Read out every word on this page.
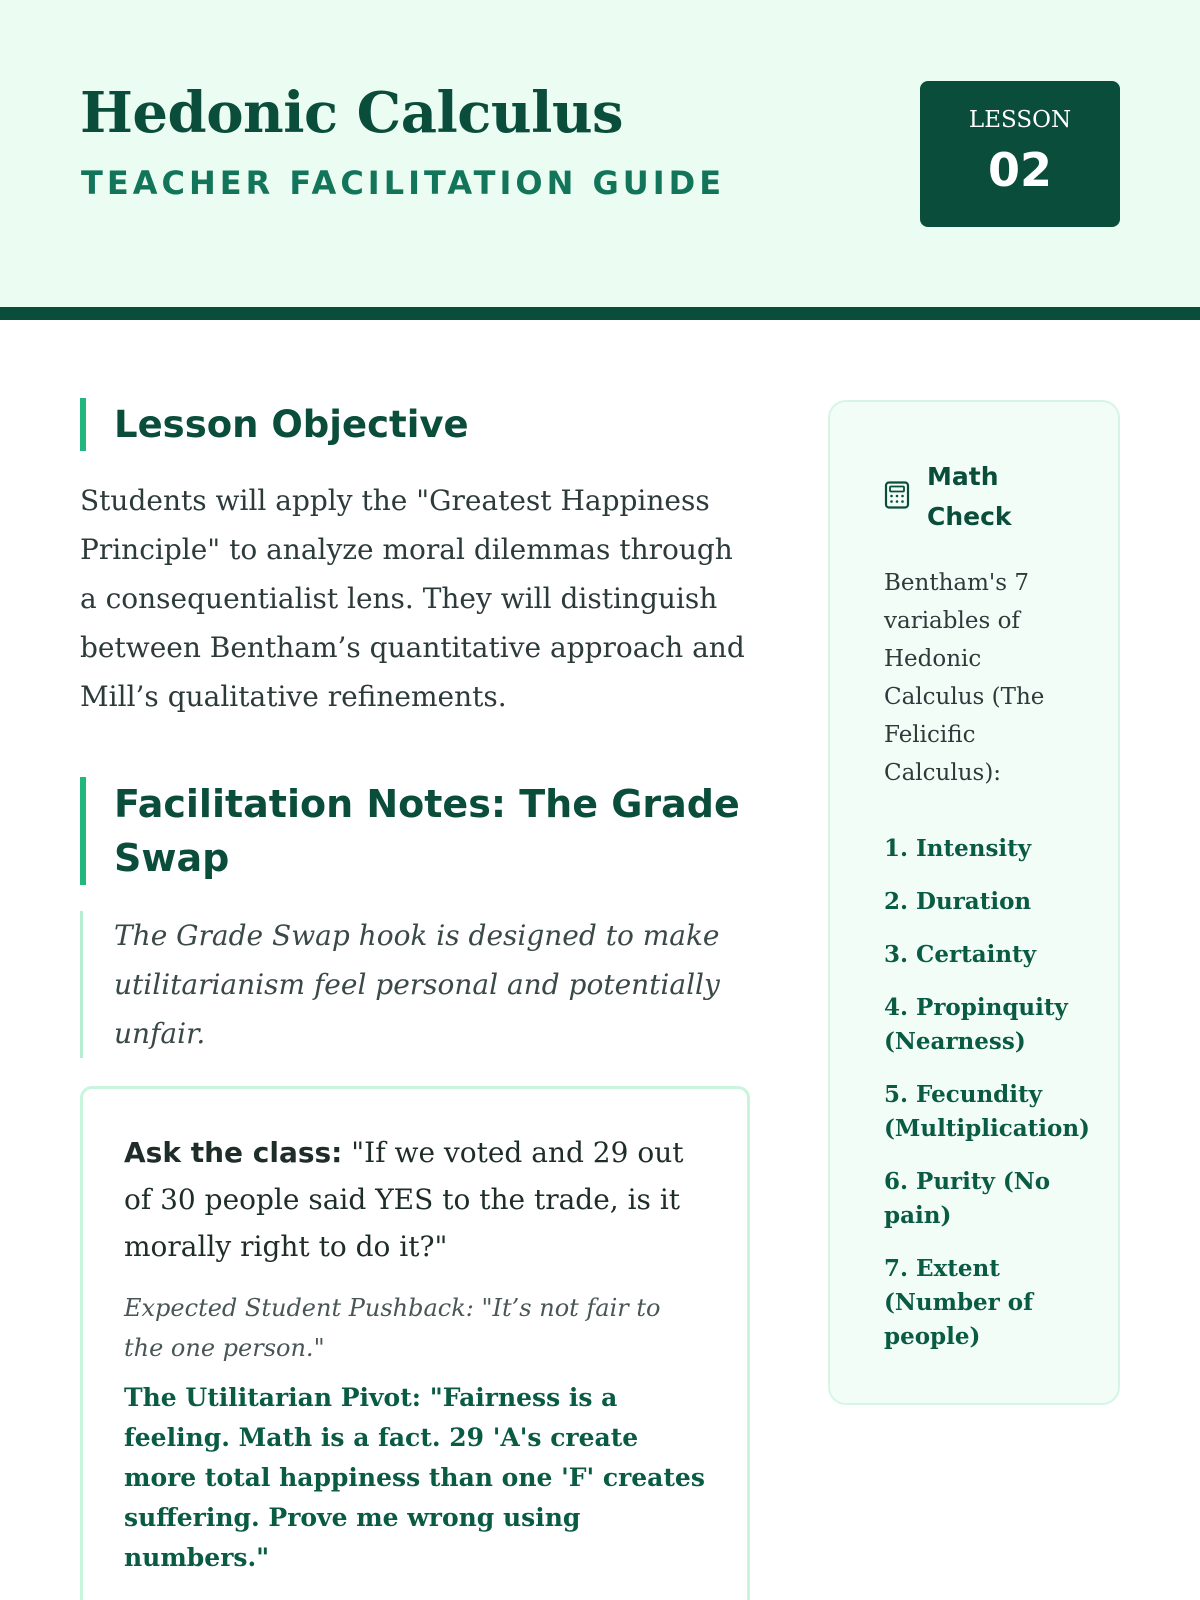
Hedonic Calculus
TEACHER FACILITATION GUIDE
LESSON
02
Lesson Objective

Students will apply the "Greatest Happiness Principle" to analyze moral dilemmas through a consequentialist lens. They will distinguish between Bentham’s quantitative approach and Mill’s qualitative refinements.

Facilitation Notes: The Grade Swap
The Grade Swap hook is designed to make utilitarianism feel personal and potentially unfair.

Ask the class: "If we voted and 29 out of 30 people said YES to the trade, is it morally right to do it?"

Expected Student Pushback: "It’s not fair to the one person."

The Utilitarian Pivot: "Fairness is a feeling. Math is a fact. 29 'A's create more total happiness than one 'F' creates suffering. Prove me wrong using numbers."

Math
Check

Bentham's 7 variables of Hedonic Calculus (The Felicific Calculus):

1. Intensity
2. Duration
3. Certainty
4. Propinquity (Nearness)
5. Fecundity (Multiplication)
6. Purity (No pain)
7. Extent (Number of people)
